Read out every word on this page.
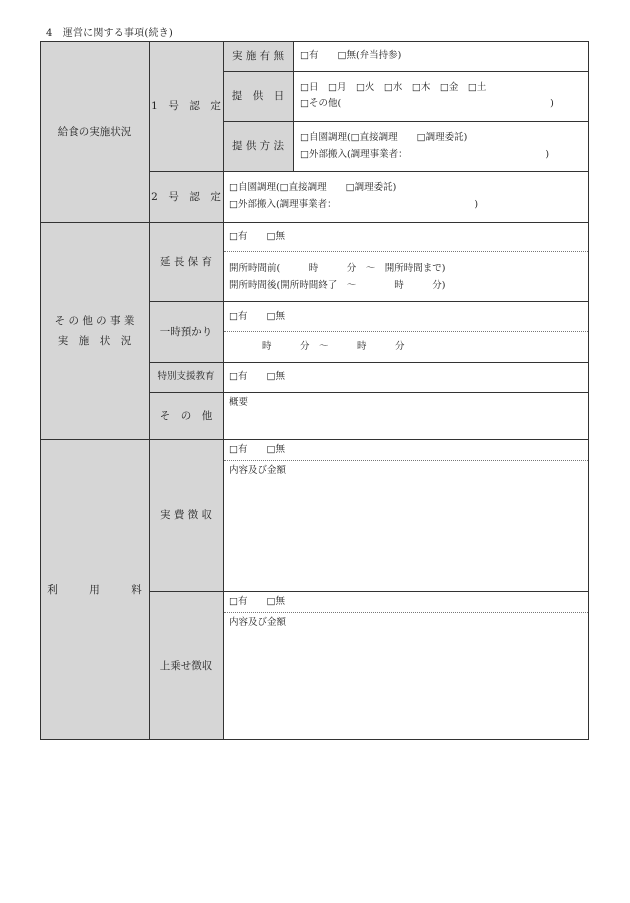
4　運営に関する事項(続き)
給食の実施状況
1　号　認　定
実 施 有 無
提　供　日
提 供 方 法
2　号　認　定
そ の 他 の 事 業
実　施　状　況
延 長 保 育
一時預かり
特別支援教育
そ　の　他
利　　　用　　　料
実 費 徴 収
上乗せ徴収
□有　　□無(弁当持参)
□日　□月　□火　□水　□木　□金　□土
□その他(　　　　　　　　　　　　　　　　　　　　　　)
□自園調理(□直接調理　　□調理委託)
□外部搬入(調理事業者：　　　　　　　　　　　　　　　)
□自園調理(□直接調理　　□調理委託)
□外部搬入(調理事業者：　　　　　　　　　　　　　　　)
□有　　□無
開所時間前(　　　時　　　分　〜　開所時間まで)
開所時間後(開所時間終了　〜　　　　時　　　分)
□有　　□無
時　　　分　〜　　　時　　　分
□有　　□無
概要
□有　　□無
内容及び金額
□有　　□無
内容及び金額
